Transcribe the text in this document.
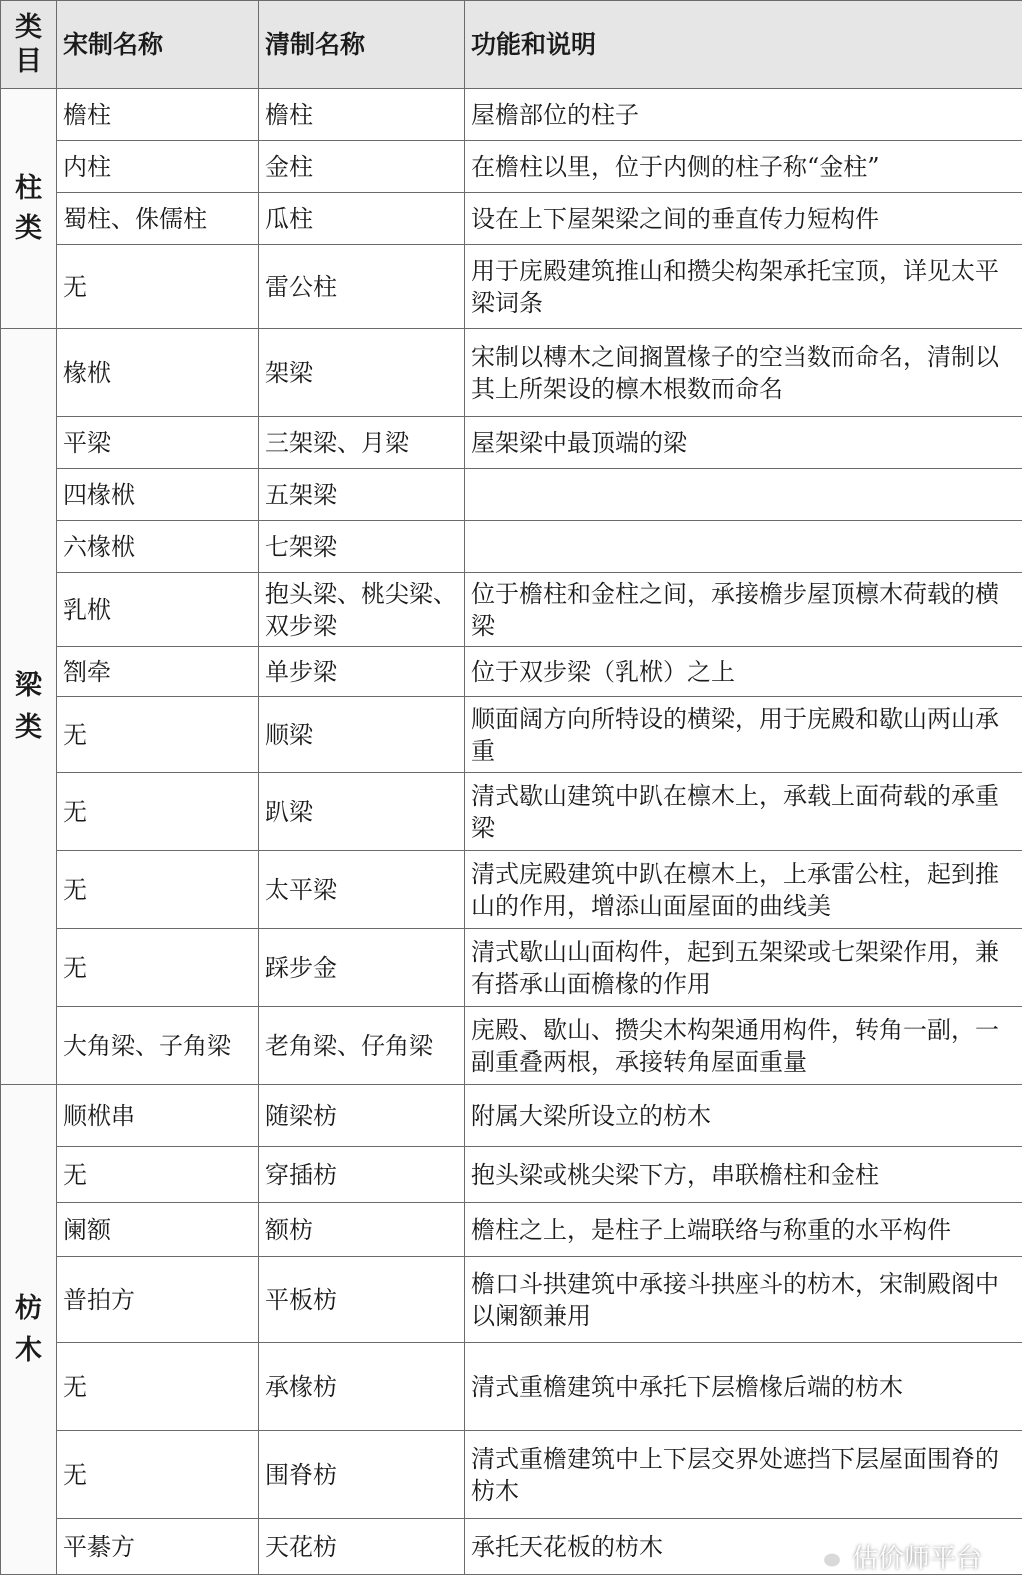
类目	宋制名称	清制名称	功能和说明
柱类	檐柱	檐柱	屋檐部位的柱子
	内柱	金柱	在檐柱以里，位于内侧的柱子称“金柱”
	蜀柱、侏儒柱	瓜柱	设在上下屋架梁之间的垂直传力短构件
	无	雷公柱	用于庑殿建筑推山和攒尖构架承托宝顶，详见太平梁词条
梁类	椽栿	架梁	宋制以槫木之间搁置椽子的空当数而命名，清制以其上所架设的檩木根数而命名
	平梁	三架梁、月梁	屋架梁中最顶端的梁
	四椽栿	五架梁	
	六椽栿	七架梁	
	乳栿	抱头梁、桃尖梁、双步梁	位于檐柱和金柱之间，承接檐步屋顶檩木荷载的横梁
	劄牵	单步梁	位于双步梁（乳栿）之上
	无	顺梁	顺面阔方向所特设的横梁，用于庑殿和歇山两山承重
	无	趴梁	清式歇山建筑中趴在檩木上，承载上面荷载的承重梁
	无	太平梁	清式庑殿建筑中趴在檩木上，上承雷公柱，起到推山的作用，增添山面屋面的曲线美
	无	踩步金	清式歇山山面构件，起到五架梁或七架梁作用，兼有搭承山面檐椽的作用
	大角梁、子角梁	老角梁、仔角梁	庑殿、歇山、攒尖木构架通用构件，转角一副，一副重叠两根，承接转角屋面重量
枋木	顺栿串	随梁枋	附属大梁所设立的枋木
	无	穿插枋	抱头梁或桃尖梁下方，串联檐柱和金柱
	阑额	额枋	檐柱之上，是柱子上端联络与称重的水平构件
	普拍方	平板枋	檐口斗拱建筑中承接斗拱座斗的枋木，宋制殿阁中以阑额兼用
	无	承椽枋	清式重檐建筑中承托下层檐椽后端的枋木
	无	围脊枋	清式重檐建筑中上下层交界处遮挡下层屋面围脊的枋木
	平綦方	天花枋	承托天花板的枋木	估价师平台
